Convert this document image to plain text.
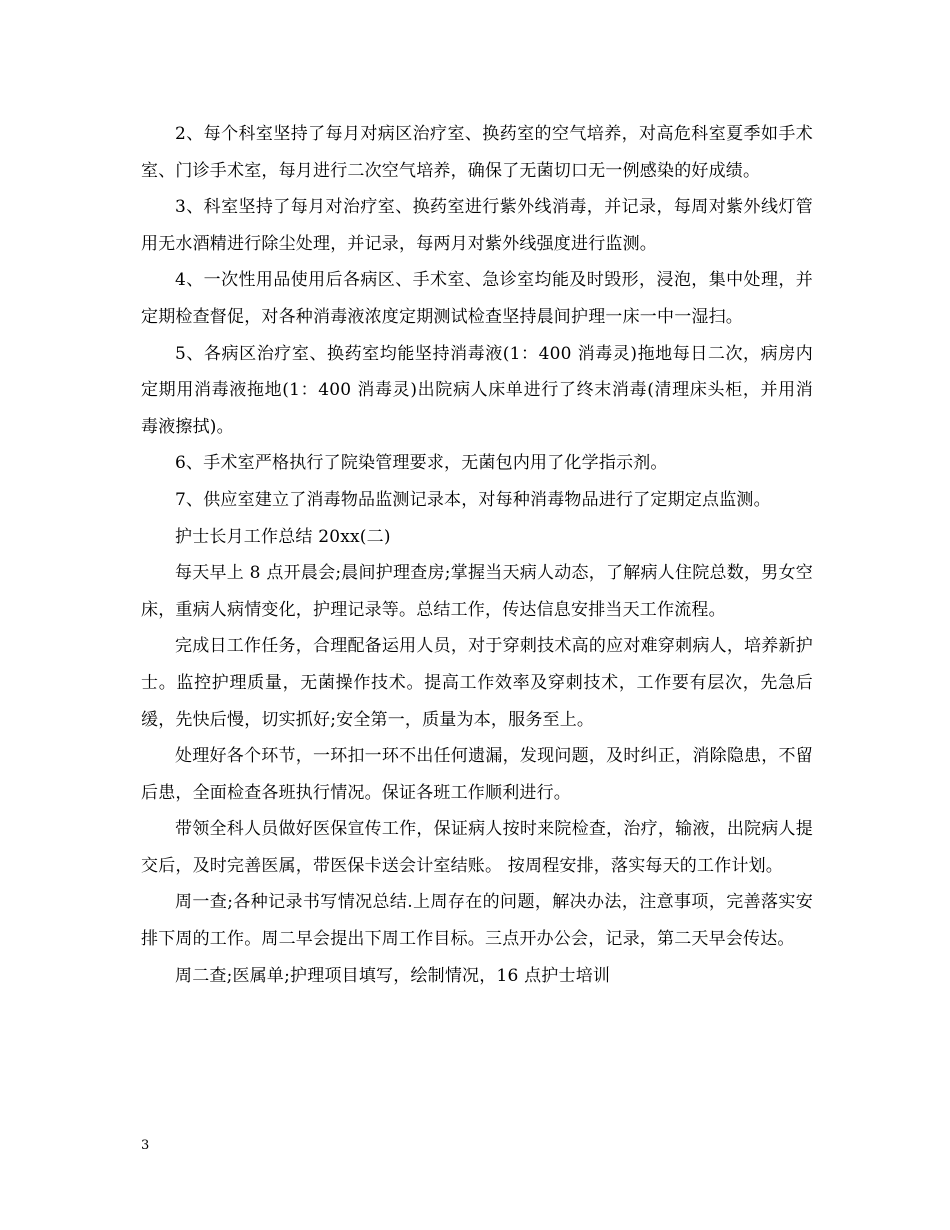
2、每个科室坚持了每月对病区治疗室、换药室的空气培养，对高危科室夏季如手术室、门诊手术室，每月进行二次空气培养，确保了无菌切口无一例感染的好成绩。

3、科室坚持了每月对治疗室、换药室进行紫外线消毒，并记录，每周对紫外线灯管用无水酒精进行除尘处理，并记录，每两月对紫外线强度进行监测。

4、一次性用品使用后各病区、手术室、急诊室均能及时毁形，浸泡，集中处理，并定期检查督促，对各种消毒液浓度定期测试检查坚持晨间护理一床一中一湿扫。

5、各病区治疗室、换药室均能坚持消毒液(1：400 消毒灵)拖地每日二次，病房内定期用消毒液拖地(1：400 消毒灵)出院病人床单进行了终末消毒(清理床头柜，并用消毒液擦拭)。

6、手术室严格执行了院染管理要求，无菌包内用了化学指示剂。

7、供应室建立了消毒物品监测记录本，对每种消毒物品进行了定期定点监测。

护士长月工作总结 20xx(二)

每天早上 8 点开晨会;晨间护理查房;掌握当天病人动态，了解病人住院总数，男女空床，重病人病情变化，护理记录等。总结工作，传达信息安排当天工作流程。

完成日工作任务，合理配备运用人员，对于穿刺技术高的应对难穿刺病人，培养新护士。监控护理质量，无菌操作技术。提高工作效率及穿刺技术，工作要有层次，先急后缓，先快后慢，切实抓好;安全第一，质量为本，服务至上。

处理好各个环节，一环扣一环不出任何遗漏，发现问题，及时纠正，消除隐患，不留后患，全面检查各班执行情况。保证各班工作顺利进行。

带领全科人员做好医保宣传工作，保证病人按时来院检查，治疗，输液，出院病人提交后，及时完善医属，带医保卡送会计室结账。 按周程安排，落实每天的工作计划。

周一查;各种记录书写情况总结.上周存在的问题，解决办法，注意事项，完善落实安排下周的工作。周二早会提出下周工作目标。三点开办公会，记录，第二天早会传达。

周二查;医属单;护理项目填写，绘制情况，16 点护士培训

3
